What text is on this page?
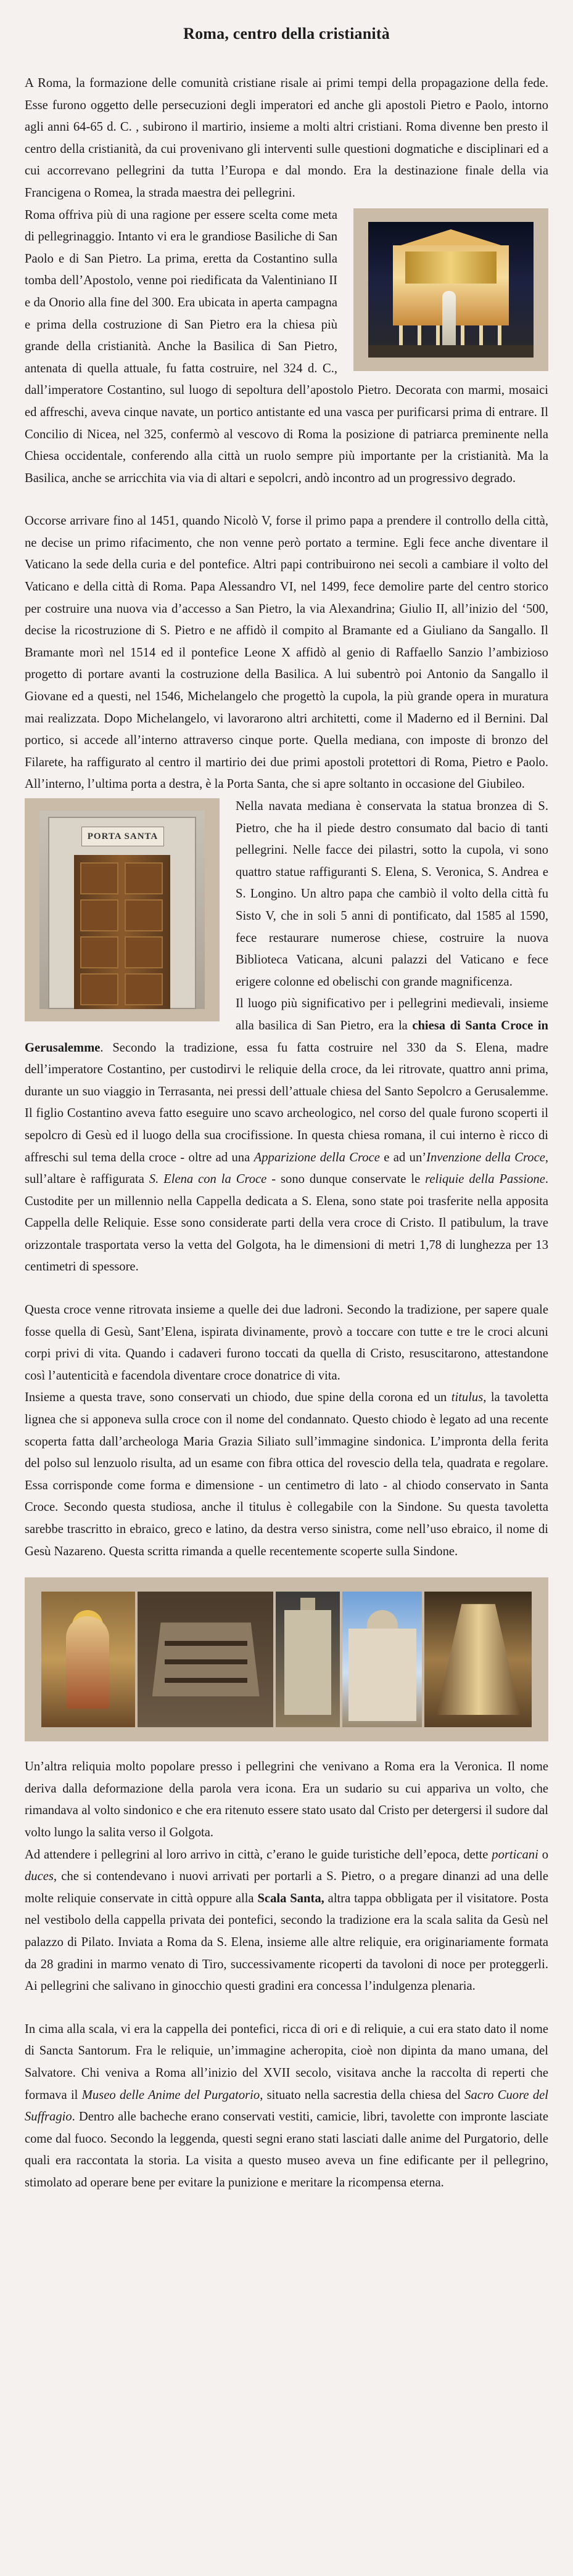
Roma, centro della cristianità

A Roma, la formazione delle comunità cristiane risale ai primi tempi della propagazione della fede. Esse furono oggetto delle persecuzioni degli imperatori ed anche gli apostoli Pietro e Paolo, intorno agli anni 64-65 d. C. , subirono il martirio, insieme a molti altri cristiani. Roma divenne ben presto il centro della cristianità, da cui provenivano gli interventi sulle questioni dogmatiche e disciplinari ed a cui accorrevano pellegrini da tutta l’Europa e dal mondo. Era la destinazione finale della via Francigena o Romea, la strada maestra dei pellegrini.

Roma offriva più di una ragione per essere scelta come meta di pellegrinaggio. Intanto vi era le grandiose Basiliche di San Paolo e di San Pietro. La prima, eretta da Costantino sulla tomba dell’Apostolo, venne poi riedificata da Valentiniano II e da Onorio alla fine del 300. Era ubicata in aperta campagna e prima della costruzione di San Pietro era la chiesa più grande della cristianità. Anche la Basilica di San Pietro, antenata di quella attuale, fu fatta costruire, nel 324 d. C., dall’imperatore Costantino, sul luogo di sepoltura dell’apostolo Pietro. Decorata con marmi, mosaici ed affreschi, aveva cinque navate, un portico antistante ed una vasca per purificarsi prima di entrare. Il Concilio di Nicea, nel 325, confermò al vescovo di Roma la posizione di patriarca preminente nella Chiesa occidentale, conferendo alla città un ruolo sempre più importante per la cristianità. Ma la Basilica, anche se arricchita via via di altari e sepolcri, andò incontro ad un progressivo degrado.

Occorse arrivare fino al 1451, quando Nicolò V, forse il primo papa a prendere il controllo della città, ne decise un primo rifacimento, che non venne però portato a termine. Egli fece anche diventare il Vaticano la sede della curia e del pontefice. Altri papi contribuirono nei secoli a cambiare il volto del Vaticano e della città di Roma. Papa Alessandro VI, nel 1499, fece demolire parte del centro storico per costruire una nuova via d’accesso a San Pietro, la via Alexandrina; Giulio II, all’inizio del ‘500, decise la ricostruzione di S. Pietro e ne affidò il compito al Bramante ed a Giuliano da Sangallo. Il Bramante morì nel 1514 ed il pontefice Leone X affidò al genio di Raffaello Sanzio l’ambizioso progetto di portare avanti la costruzione della Basilica. A lui subentrò poi Antonio da Sangallo il Giovane ed a questi, nel 1546, Michelangelo che progettò la cupola, la più grande opera in muratura mai realizzata. Dopo Michelangelo, vi lavorarono altri architetti, come il Maderno ed il Bernini. Dal portico, si accede all’interno attraverso cinque porte. Quella mediana, con imposte di bronzo del Filarete, ha raffigurato al centro il martirio dei due primi apostoli protettori di Roma, Pietro e Paolo. All’interno, l’ultima porta a destra, è la Porta Santa, che si apre soltanto in occasione del Giubileo.

PORTA SANTA

Nella navata mediana è conservata la statua bronzea di S. Pietro, che ha il piede destro consumato dal bacio di tanti pellegrini. Nelle facce dei pilastri, sotto la cupola, vi sono quattro statue raffiguranti S. Elena, S. Veronica, S. Andrea e S. Longino. Un altro papa che cambiò il volto della città fu Sisto V, che in soli 5 anni di pontificato, dal 1585 al 1590, fece restaurare numerose chiese, costruire la nuova Biblioteca Vaticana, alcuni palazzi del Vaticano e fece erigere colonne ed obelischi con grande magnificenza.

Il luogo più significativo per i pellegrini medievali, insieme alla basilica di San Pietro, era la chiesa di Santa Croce in Gerusalemme. Secondo la tradizione, essa fu fatta costruire nel 330 da S. Elena, madre dell’imperatore Costantino, per custodirvi le reliquie della croce, da lei ritrovate, quattro anni prima, durante un suo viaggio in Terrasanta, nei pressi dell’attuale chiesa del Santo Sepolcro a Gerusalemme. Il figlio Costantino aveva fatto eseguire uno scavo archeologico, nel corso del quale furono scoperti il sepolcro di Gesù ed il luogo della sua crocifissione. In questa chiesa romana, il cui interno è ricco di affreschi sul tema della croce - oltre ad una Apparizione della Croce e ad un’Invenzione della Croce, sull’altare è raffigurata S. Elena con la Croce - sono dunque conservate le reliquie della Passione. Custodite per un millennio nella Cappella dedicata a S. Elena, sono state poi trasferite nella apposita Cappella delle Reliquie. Esse sono considerate parti della vera croce di Cristo. Il patibulum, la trave orizzontale trasportata verso la vetta del Golgota, ha le dimensioni di metri 1,78 di lunghezza per 13 centimetri di spessore.

Questa croce venne ritrovata insieme a quelle dei due ladroni. Secondo la tradizione, per sapere quale fosse quella di Gesù, Sant’Elena, ispirata divinamente, provò a toccare con tutte e tre le croci alcuni corpi privi di vita. Quando i cadaveri furono toccati da quella di Cristo, resuscitarono, attestandone così l’autenticità e facendola diventare croce donatrice di vita.

Insieme a questa trave, sono conservati un chiodo, due spine della corona ed un titulus, la tavoletta lignea che si apponeva sulla croce con il nome del condannato. Questo chiodo è legato ad una recente scoperta fatta dall’archeologa Maria Grazia Siliato sull’immagine sindonica. L’impronta della ferita del polso sul lenzuolo risulta, ad un esame con fibra ottica del rovescio della tela, quadrata e regolare. Essa corrisponde come forma e dimensione - un centimetro di lato - al chiodo conservato in Santa Croce. Secondo questa studiosa, anche il titulus è collegabile con la Sindone. Su questa tavoletta sarebbe trascritto in ebraico, greco e latino, da destra verso sinistra, come nell’uso ebraico, il nome di Gesù Nazareno. Questa scritta rimanda a quelle recentemente scoperte sulla Sindone.

Un’altra reliquia molto popolare presso i pellegrini che venivano a Roma era la Veronica. Il nome deriva dalla deformazione della parola vera icona. Era un sudario su cui appariva un volto, che rimandava al volto sindonico e che era ritenuto essere stato usato dal Cristo per detergersi il sudore dal volto lungo la salita verso il Golgota.

Ad attendere i pellegrini al loro arrivo in città, c’erano le guide turistiche dell’epoca, dette porticani o duces, che si contendevano i nuovi arrivati per portarli a S. Pietro, o a pregare dinanzi ad una delle molte reliquie conservate in città oppure alla Scala Santa, altra tappa obbligata per il visitatore. Posta nel vestibolo della cappella privata dei pontefici, secondo la tradizione era la scala salita da Gesù nel palazzo di Pilato. Inviata a Roma da S. Elena, insieme alle altre reliquie, era originariamente formata da 28 gradini in marmo venato di Tiro, successivamente ricoperti da tavoloni di noce per proteggerli. Ai pellegrini che salivano in ginocchio questi gradini era concessa l’indulgenza plenaria.

In cima alla scala, vi era la cappella dei pontefici, ricca di ori e di reliquie, a cui era stato dato il nome di Sancta Santorum. Fra le reliquie, un’immagine acheropita, cioè non dipinta da mano umana, del Salvatore. Chi veniva a Roma all’inizio del XVII secolo, visitava anche la raccolta di reperti che formava il Museo delle Anime del Purgatorio, situato nella sacrestia della chiesa del Sacro Cuore del Suffragio. Dentro alle bacheche erano conservati vestiti, camicie, libri, tavolette con impronte lasciate come dal fuoco. Secondo la leggenda, questi segni erano stati lasciati dalle anime del Purgatorio, delle quali era raccontata la storia. La visita a questo museo aveva un fine edificante per il pellegrino, stimolato ad operare bene per evitare la punizione e meritare la ricompensa eterna.
